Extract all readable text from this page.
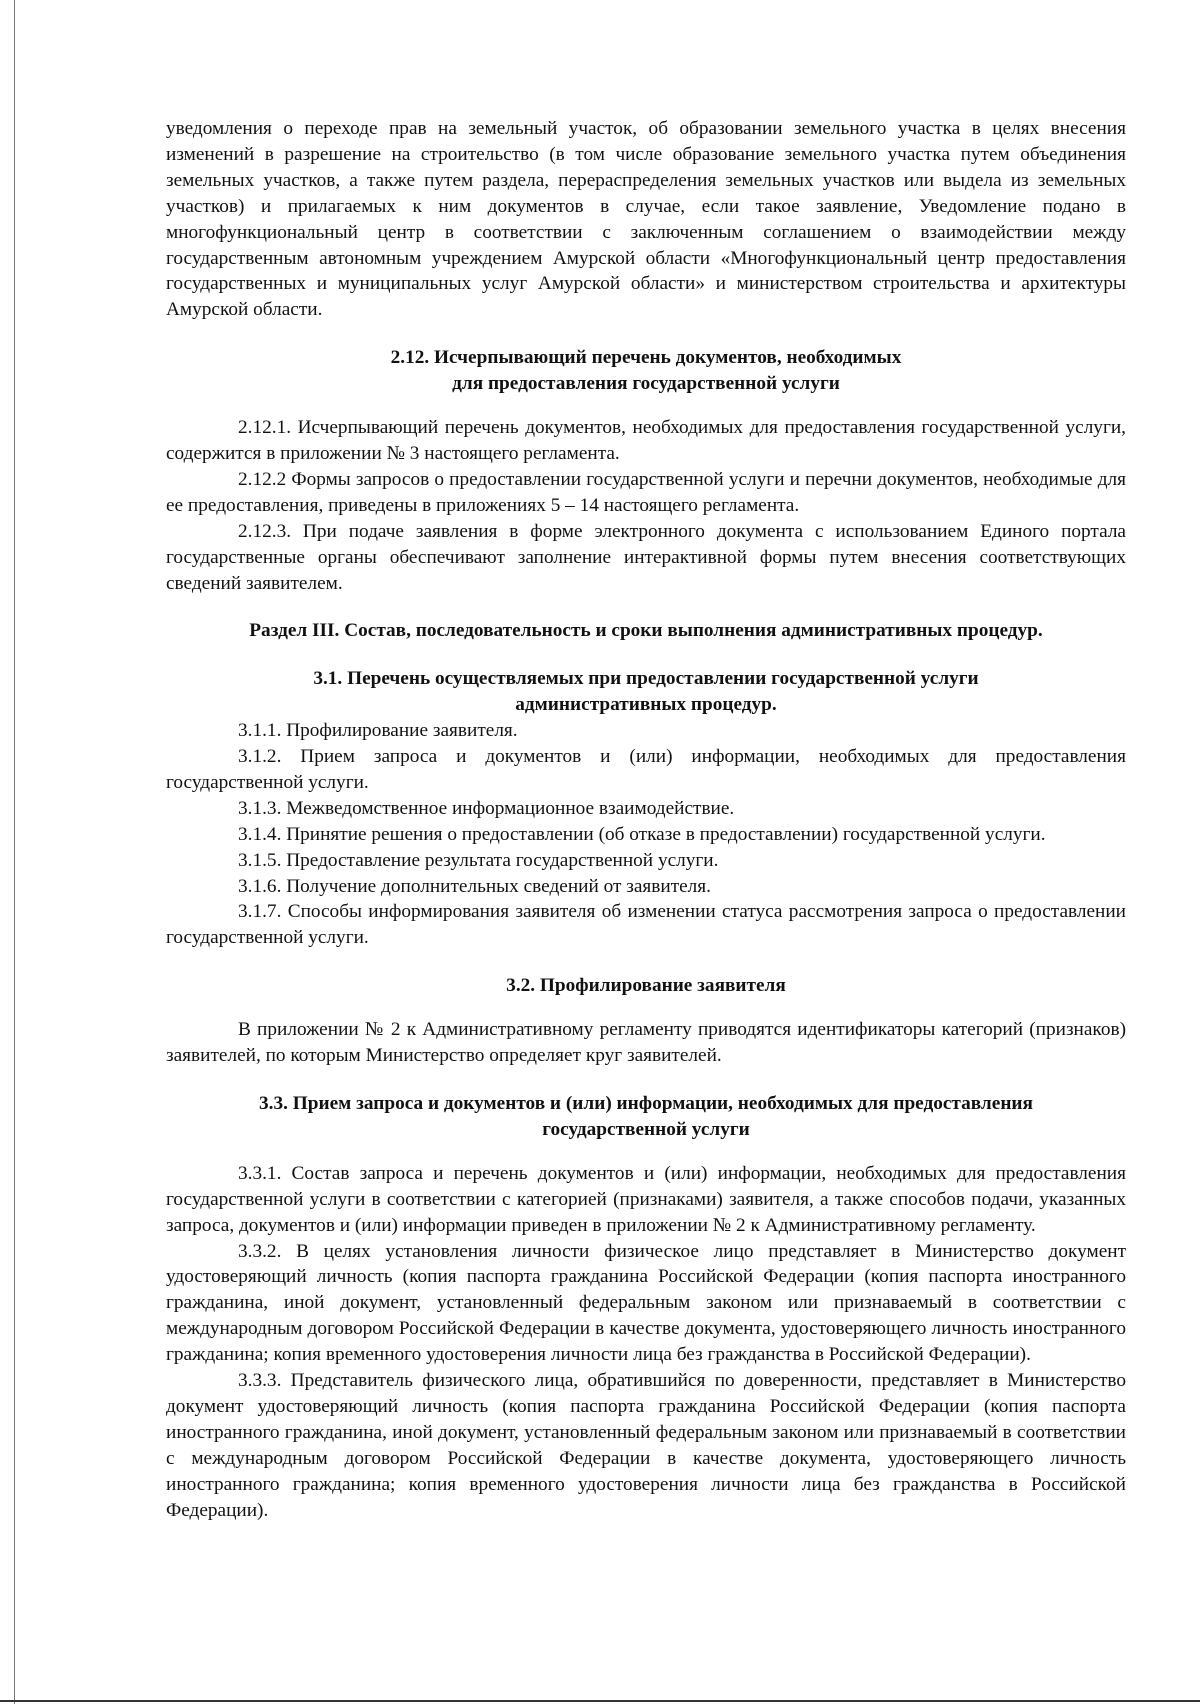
уведомления о переходе прав на земельный участок, об образовании земельного участка в целях внесения изменений в разрешение на строительство (в том числе образование земельного участка путем объединения земельных участков, а также путем раздела, перераспределения земельных участков или выдела из земельных участков) и прилагаемых к ним документов в случае, если такое заявление, Уведомление подано в многофункциональный центр в соответствии с заключенным соглашением о взаимодействии между государственным автономным учреждением Амурской области «Многофункциональный центр предоставления государственных и муниципальных услуг Амурской области» и министерством строительства и архитектуры Амурской области.

2.12. Исчерпывающий перечень документов, необходимых
для предоставления государственной услуги

2.12.1. Исчерпывающий перечень документов, необходимых для предоставления государственной услуги, содержится в приложении № 3 настоящего регламента.

2.12.2 Формы запросов о предоставлении государственной услуги и перечни документов, необходимые для ее предоставления, приведены в приложениях 5 – 14 настоящего регламента.

2.12.3. При подаче заявления в форме электронного документа с использованием Единого портала государственные органы обеспечивают заполнение интерактивной формы путем внесения соответствующих сведений заявителем.

Раздел III. Состав, последовательность и сроки выполнения административных процедур.
3.1. Перечень осуществляемых при предоставлении государственной услуги
административных процедур.

3.1.1. Профилирование заявителя.

3.1.2. Прием запроса и документов и (или) информации, необходимых для предоставления государственной услуги.

3.1.3. Межведомственное информационное взаимодействие.

3.1.4. Принятие решения о предоставлении (об отказе в предоставлении) государственной услуги.

3.1.5. Предоставление результата государственной услуги.

3.1.6. Получение дополнительных сведений от заявителя.

3.1.7. Способы информирования заявителя об изменении статуса рассмотрения запроса о предоставлении государственной услуги.

3.2. Профилирование заявителя

В приложении № 2 к Административному регламенту приводятся идентификаторы категорий (признаков) заявителей, по которым Министерство определяет круг заявителей.

3.3. Прием запроса и документов и (или) информации, необходимых для предоставления
государственной услуги

3.3.1. Состав запроса и перечень документов и (или) информации, необходимых для предоставления государственной услуги в соответствии с категорией (признаками) заявителя, а также способов подачи, указанных запроса, документов и (или) информации приведен в приложении № 2 к Административному регламенту.

3.3.2. В целях установления личности физическое лицо представляет в Министерство документ удостоверяющий личность (копия паспорта гражданина Российской Федерации (копия паспорта иностранного гражданина, иной документ, установленный федеральным законом или признаваемый в соответствии с международным договором Российской Федерации в качестве документа, удостоверяющего личность иностранного гражданина; копия временного удостоверения личности лица без гражданства в Российской Федерации).

3.3.3. Представитель физического лица, обратившийся по доверенности, представляет в Министерство документ удостоверяющий личность (копия паспорта гражданина Российской Федерации (копия паспорта иностранного гражданина, иной документ, установленный федеральным законом или признаваемый в соответствии с международным договором Российской Федерации в качестве документа, удостоверяющего личность иностранного гражданина; копия временного удостоверения личности лица без гражданства в Российской Федерации).
